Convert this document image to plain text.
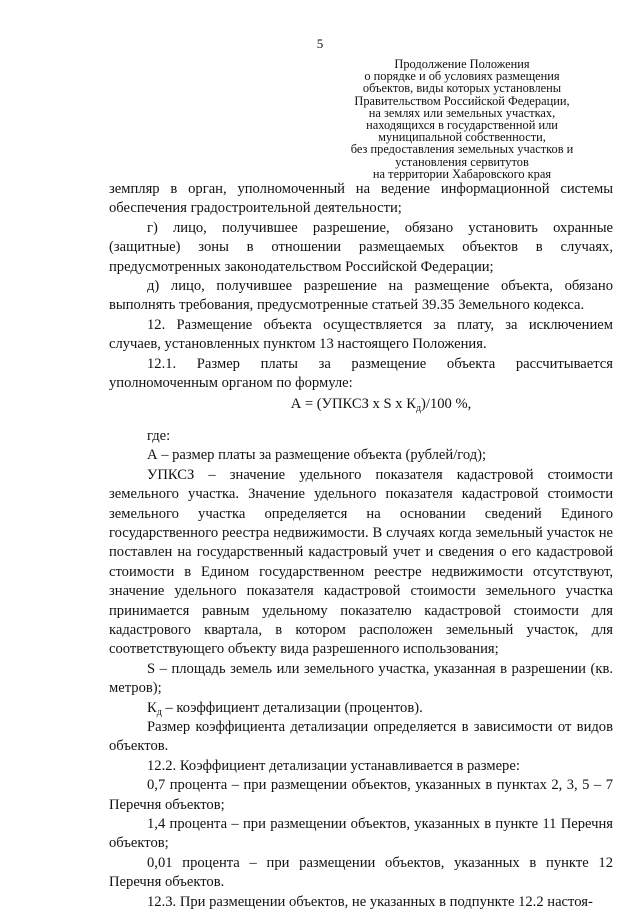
5
Продолжение Положения
о порядке и об условиях размещения
объектов, виды которых установлены
Правительством Российской Федерации,
на землях или земельных участках,
находящихся в государственной или
муниципальной собственности,
без предоставления земельных участков и
установления сервитутов
на территории Хабаровского края

земпляр в орган, уполномоченный на ведение информационной системы обеспечения градостроительной деятельности;

г) лицо, получившее разрешение, обязано установить охранные (защитные) зоны в отношении размещаемых объектов в случаях, предусмотренных законодательством Российской Федерации;

д) лицо, получившее разрешение на размещение объекта, обязано выполнять требования, предусмотренные статьей 39.35 Земельного кодекса.

12. Размещение объекта осуществляется за плату, за исключением случаев, установленных пунктом 13 настоящего Положения.

12.1. Размер платы за размещение объекта рассчитывается уполномоченным органом по формуле:

А = (УПКСЗ х S х $К_д)/100$ %,

где:

А – размер платы за размещение объекта (рублей/год);

УПКСЗ – значение удельного показателя кадастровой стоимости земельного участка. Значение удельного показателя кадастровой стоимости земельного участка определяется на основании сведений Единого государственного реестра недвижимости. В случаях когда земельный участок не поставлен на государственный кадастровый учет и сведения о его кадастровой стоимости в Едином государственном реестре недвижимости отсутствуют, значение удельного показателя кадастровой стоимости земельного участка принимается равным удельному показателю кадастровой стоимости для кадастрового квартала, в котором расположен земельный участок, для соответствующего объекту вида разрешенного использования;

S – площадь земель или земельного участка, указанная в разрешении (кв. метров);

$К_д$ – коэффициент детализации (процентов).

Размер коэффициента детализации определяется в зависимости от видов объектов.

12.2. Коэффициент детализации устанавливается в размере:

0,7 процента – при размещении объектов, указанных в пунктах 2, 3, 5 – 7 Перечня объектов;

1,4 процента – при размещении объектов, указанных в пункте 11 Перечня объектов;

0,01 процента – при размещении объектов, указанных в пункте 12 Перечня объектов.

12.3. При размещении объектов, не указанных в подпункте 12.2 настоя-
